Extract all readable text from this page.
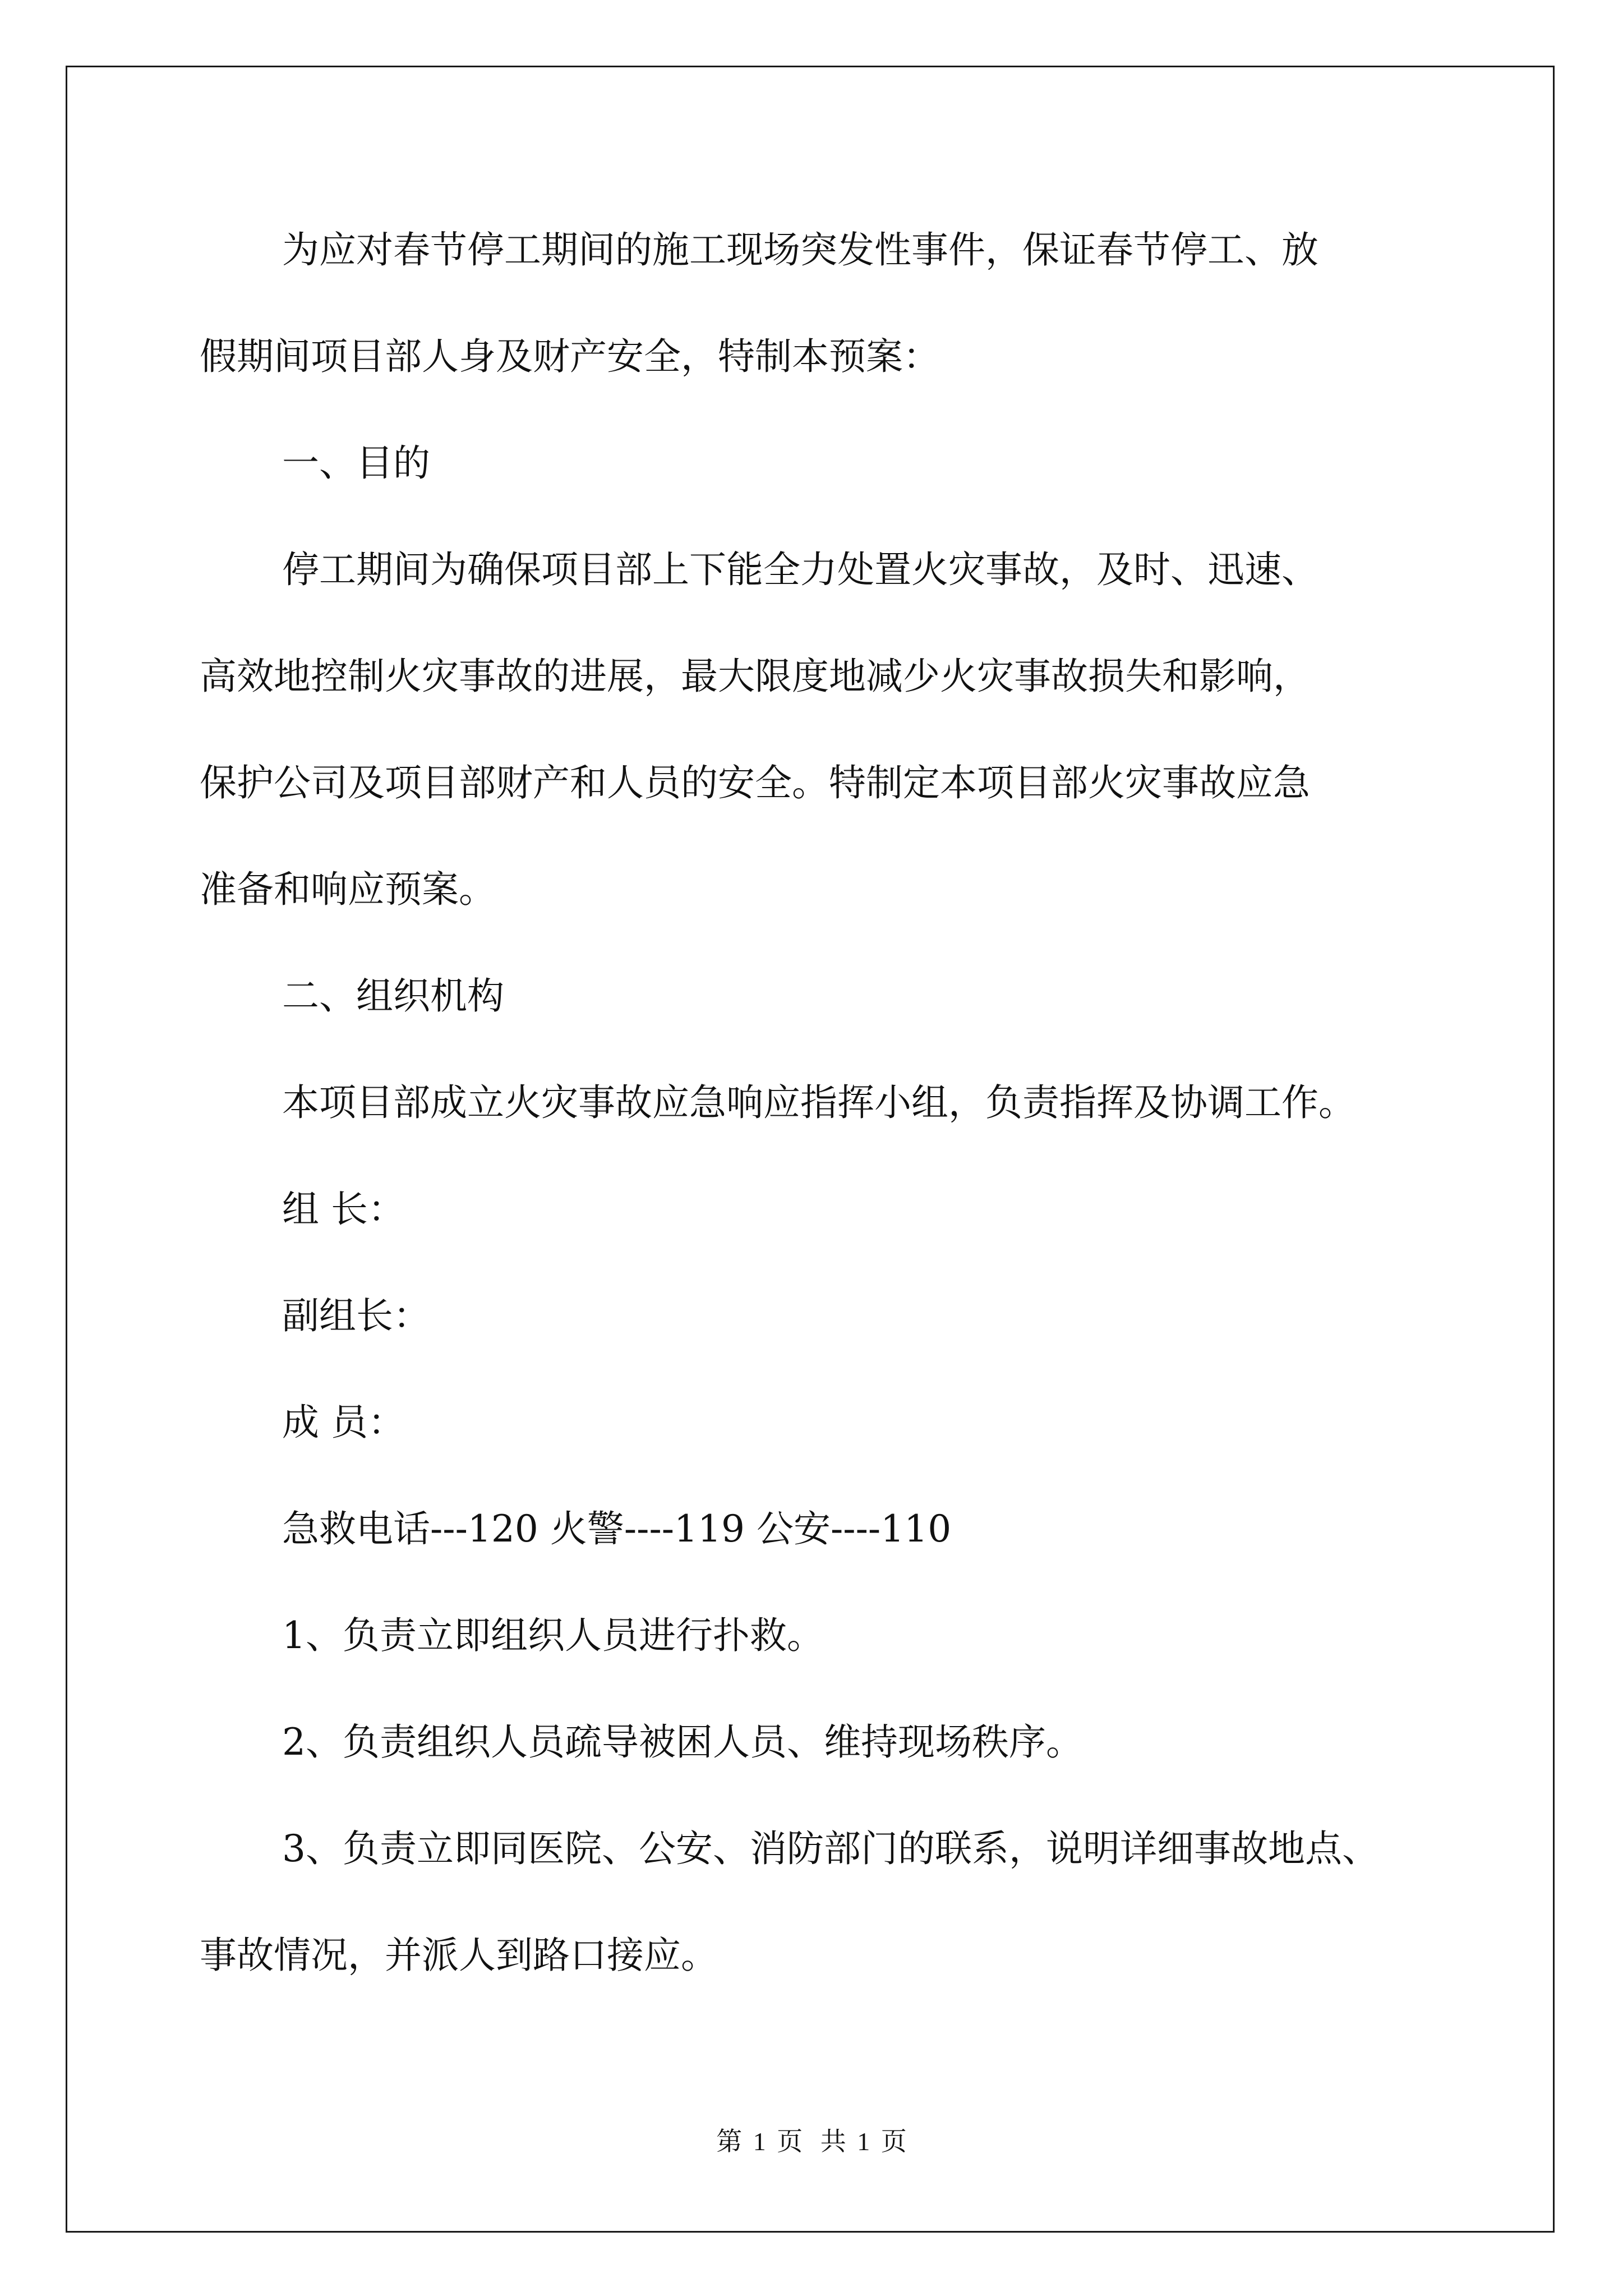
为应对春节停工期间的施工现场突发性事件，保证春节停工、放

假期间项目部人身及财产安全，特制本预案：

一、目的

停工期间为确保项目部上下能全力处置火灾事故，及时、迅速、

高效地控制火灾事故的进展，最大限度地减少火灾事故损失和影响，

保护公司及项目部财产和人员的安全。特制定本项目部火灾事故应急

准备和响应预案。

二、组织机构

本项目部成立火灾事故应急响应指挥小组，负责指挥及协调工作。

组 长：

副组长：

成 员：

急救电话---120 火警----119 公安----110

1、负责立即组织人员进行扑救。

2、负责组织人员疏导被困人员、维持现场秩序。

3、负责立即同医院、公安、消防部门的联系，说明详细事故地点、

事故情况，并派人到路口接应。

第 1 页 共 1 页
